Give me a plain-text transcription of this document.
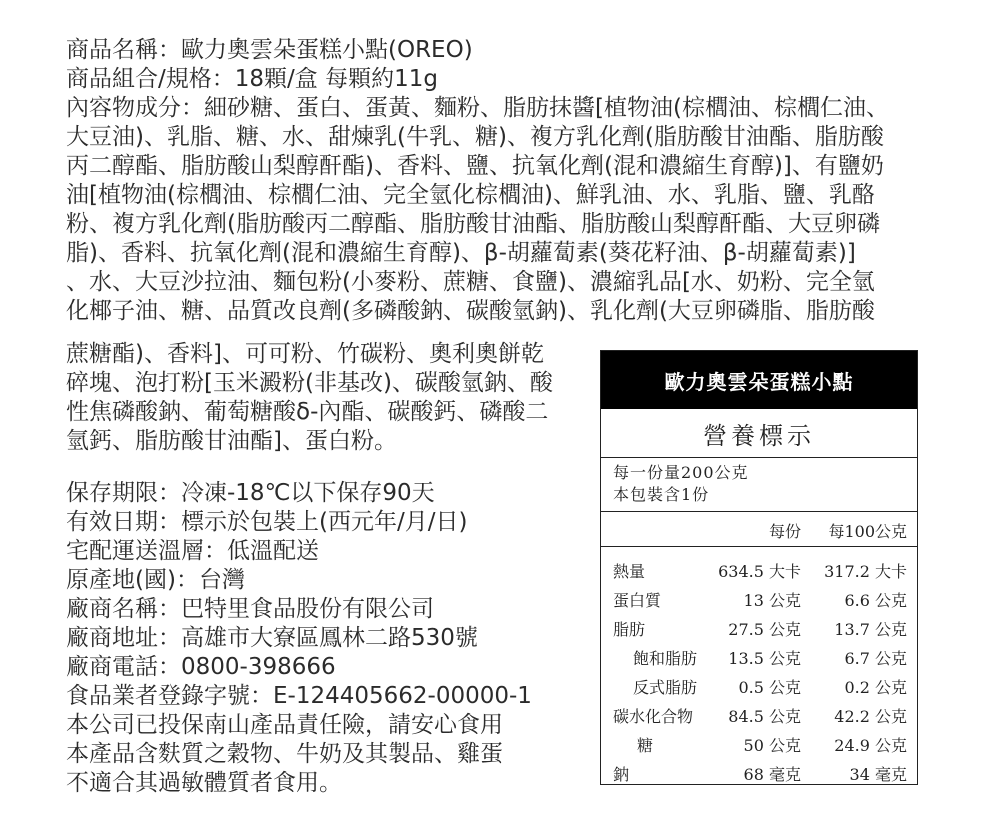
商品名稱：歐力奧雲朵蛋糕小點(OREO)
商品組合/規格：18顆/盒 每顆約11g
內容物成分：細砂糖、蛋白、蛋黃、麵粉、脂肪抹醬[植物油(棕櫚油、棕櫚仁油、
大豆油)、乳脂、糖、水、甜煉乳(牛乳、糖)、複方乳化劑(脂肪酸甘油酯、脂肪酸
丙二醇酯、脂肪酸山梨醇酐酯)、香料、鹽、抗氧化劑(混和濃縮生育醇)]、有鹽奶
油[植物油(棕櫚油、棕櫚仁油、完全氫化棕櫚油)、鮮乳油、水、乳脂、鹽、乳酪
粉、複方乳化劑(脂肪酸丙二醇酯、脂肪酸甘油酯、脂肪酸山梨醇酐酯、大豆卵磷
脂)、香料、抗氧化劑(混和濃縮生育醇)、β-胡蘿蔔素(葵花籽油、β-胡蘿蔔素)]
、水、大豆沙拉油、麵包粉(小麥粉、蔗糖、食鹽)、濃縮乳品[水、奶粉、完全氫
化椰子油、糖、品質改良劑(多磷酸鈉、碳酸氫鈉)、乳化劑(大豆卵磷脂、脂肪酸
蔗糖酯)、香料]、可可粉、竹碳粉、奧利奧餅乾
碎塊、泡打粉[玉米澱粉(非基改)、碳酸氫鈉、酸
性焦磷酸鈉、葡萄糖酸δ-內酯、碳酸鈣、磷酸二
氫鈣、脂肪酸甘油酯]、蛋白粉。
保存期限：冷凍-18℃以下保存90天
有效日期：標示於包裝上(西元年/月/日)
宅配運送溫層：低溫配送
原產地(國)：台灣
廠商名稱：巴特里食品股份有限公司
廠商地址：高雄市大寮區鳳林二路530號
廠商電話：0800-398666
食品業者登錄字號：E-124405662-00000-1
本公司已投保南山產品責任險，請安心食用
本產品含麩質之穀物、牛奶及其製品、雞蛋
不適合其過敏體質者食用。
歐力奧雲朵蛋糕小點
營養標示
每一份量200公克
本包裝含1份
每份 每100公克
熱量	634.5 大卡 317.2 大卡
蛋白質	13 公克	6.6 公克
脂肪	27.5 公克 13.7 公克
飽和脂肪 13.5 公克	6.7 公克
反式脂肪	0.5 公克	0.2 公克
碳水化合物 84.5 公克 42.2 公克
糖	50 公克 24.9 公克
鈉	68 毫克	34 毫克
